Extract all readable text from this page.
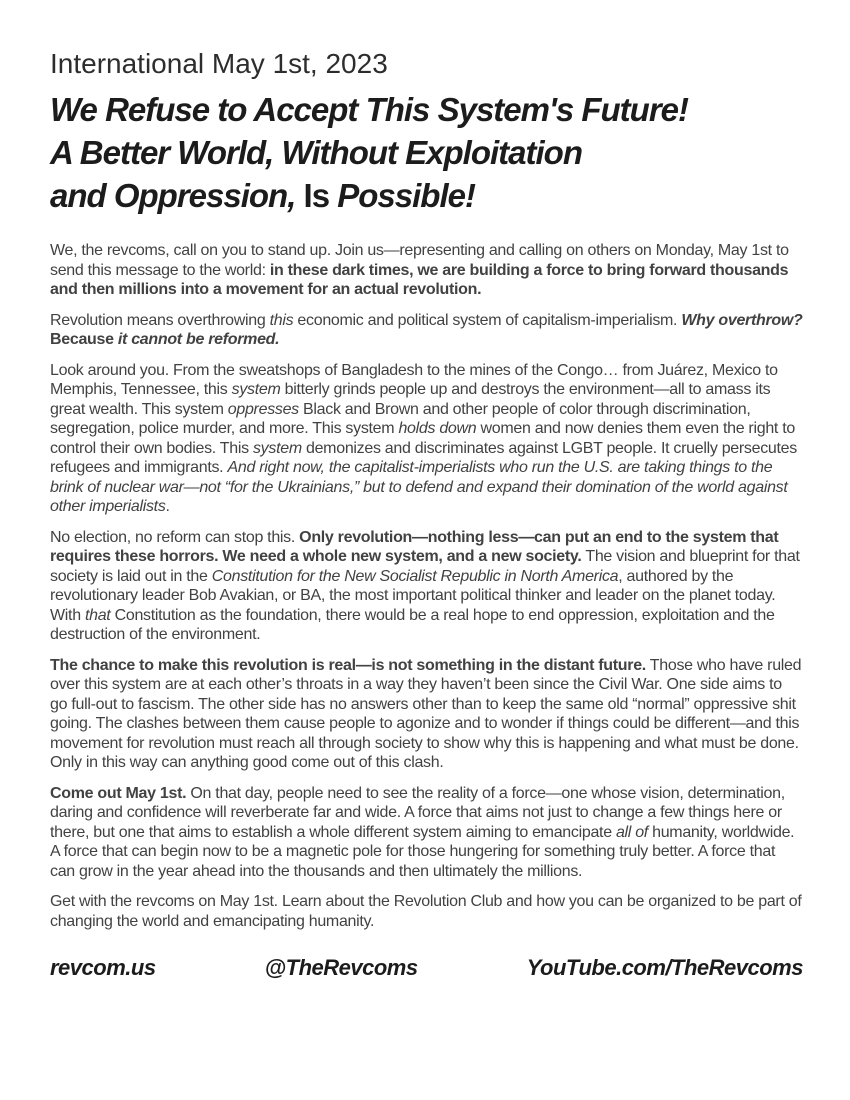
International May 1st, 2023

We Refuse to Accept This System's Future!
A Better World, Without Exploitation
and Oppression, Is Possible!

We, the revcoms, call on you to stand up. Join us—representing and calling on others on Monday, May 1st to send this message to the world: in these dark times, we are building a force to bring forward thousands and then millions into a movement for an actual revolution.

Revolution means overthrowing this economic and political system of capitalism-imperialism. Why overthrow? Because it cannot be reformed.

Look around you. From the sweatshops of Bangladesh to the mines of the Congo… from Juárez, Mexico to Memphis, Tennessee, this system bitterly grinds people up and destroys the environment—all to amass its great wealth. This system oppresses Black and Brown and other people of color through discrimination, segregation, police murder, and more. This system holds down women and now denies them even the right to control their own bodies. This system demonizes and discriminates against LGBT people. It cruelly persecutes refugees and immigrants. And right now, the capitalist-imperialists who run the U.S. are taking things to the brink of nuclear war—not “for the Ukrainians,” but to defend and expand their domination of the world against other imperialists.

No election, no reform can stop this. Only revolution—nothing less—can put an end to the system that requires these horrors. We need a whole new system, and a new society. The vision and blueprint for that society is laid out in the Constitution for the New Socialist Republic in North America, authored by the revolutionary leader Bob Avakian, or BA, the most important political thinker and leader on the planet today. With that Constitution as the foundation, there would be a real hope to end oppression, exploitation and the destruction of the environment.

The chance to make this revolution is real—is not something in the distant future. Those who have ruled over this system are at each other’s throats in a way they haven’t been since the Civil War. One side aims to go full-out to fascism. The other side has no answers other than to keep the same old “normal” oppressive shit going. The clashes between them cause people to agonize and to wonder if things could be different—and this movement for revolution must reach all through society to show why this is happening and what must be done. Only in this way can anything good come out of this clash.

Come out May 1st. On that day, people need to see the reality of a force—one whose vision, determination, daring and confidence will reverberate far and wide. A force that aims not just to change a few things here or there, but one that aims to establish a whole different system aiming to emancipate all of humanity, worldwide. A force that can begin now to be a magnetic pole for those hungering for something truly better. A force that can grow in the year ahead into the thousands and then ultimately the millions.

Get with the revcoms on May 1st. Learn about the Revolution Club and how you can be organized to be part of changing the world and emancipating humanity.

revcom.us	@TheRevcoms	YouTube.com/TheRevcoms
